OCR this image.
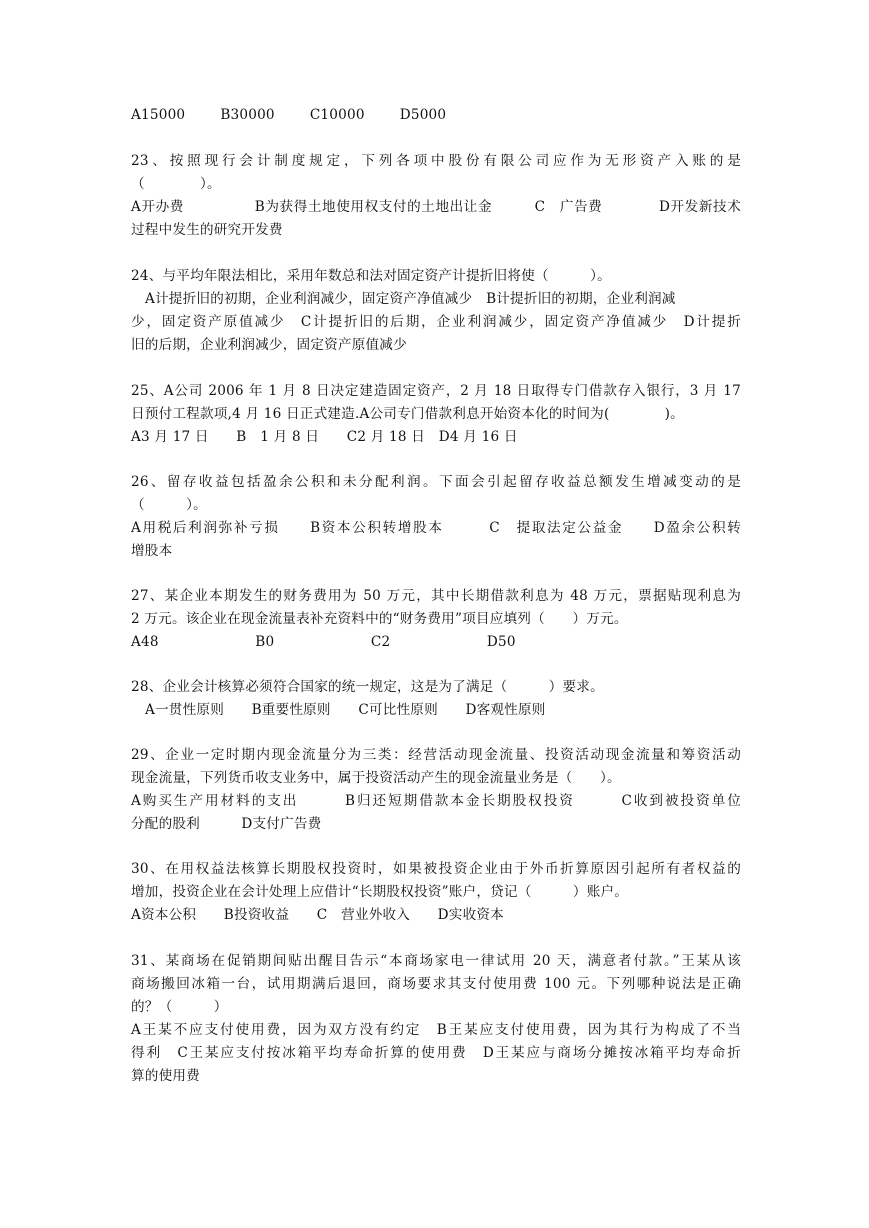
A15000	B30000	C10000	D5000
23、按照现行会计制度规定，下列各项中股份有限公司应作为无形资产入账的是
（　　　　）。
A开办费　　　　　B为获得土地使用权支付的土地出让金　　　C　广告费　　　　D开发新技术
过程中发生的研究开发费
24、与平均年限法相比，采用年数总和法对固定资产计提折旧将使（　　　）。
A计提折旧的初期，企业利润减少，固定资产净值减少　B计提折旧的初期，企业利润减
少，固定资产原值减少　C计提折旧的后期，企业利润减少，固定资产净值减少　D计提折
旧的后期，企业利润减少，固定资产原值减少
25、A公司 2006 年 1 月 8 日决定建造固定资产，2 月 18 日取得专门借款存入银行，3 月 17
日预付工程款项,4 月 16 日正式建造.A公司专门借款利息开始资本化的时间为(　　　　)。
A3 月 17 日　　B　1 月 8 日　　C2 月 18 日　D4 月 16 日
26、留存收益包括盈余公积和未分配利润。下面会引起留存收益总额发生增减变动的是
（　　　）。
A用税后利润弥补亏损　　B资本公积转增股本　　　C　提取法定公益金　　D盈余公积转
增股本
27、某企业本期发生的财务费用为 50 万元，其中长期借款利息为 48 万元，票据贴现利息为
2 万元。该企业在现金流量表补充资料中的“财务费用”项目应填列（　　）万元。
A48　　　　　　　B0　　　　　　　C2　　　　　　　D50
28、企业会计核算必须符合国家的统一规定，这是为了满足（　　　）要求。
A一贯性原则　　B重要性原则　　C可比性原则　　D客观性原则
29、企业一定时期内现金流量分为三类：经营活动现金流量、投资活动现金流量和筹资活动
现金流量，下列货币收支业务中，属于投资活动产生的现金流量业务是（　　）。
A购买生产用材料的支出　　　B归还短期借款本金长期股权投资　　　C收到被投资单位
分配的股利　　　D支付广告费
30、在用权益法核算长期股权投资时，如果被投资企业由于外币折算原因引起所有者权益的
增加，投资企业在会计处理上应借计“长期股权投资”账户，贷记（　　　）账户。
A资本公积　　B投资收益　　C　营业外收入　　D实收资本
31、某商场在促销期间贴出醒目告示“本商场家电一律试用 20 天，满意者付款。”王某从该
商场搬回冰箱一台，试用期满后退回，商场要求其支付使用费 100 元。下列哪种说法是正确
的？（　　　）
A王某不应支付使用费，因为双方没有约定　B王某应支付使用费，因为其行为构成了不当
得利　C王某应支付按冰箱平均寿命折算的使用费　D王某应与商场分摊按冰箱平均寿命折
算的使用费
